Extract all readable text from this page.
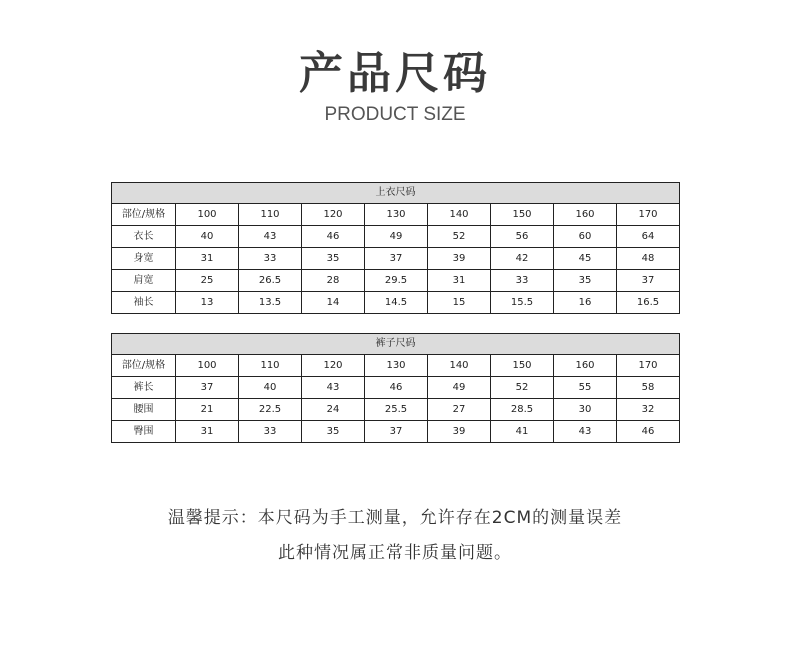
产品尺码
PRODUCT SIZE
上衣尺码								
部位/规格	100	110	120	130	140	150	160	170
衣长	40	43	46	49	52	56	60	64
身宽	31	33	35	37	39	42	45	48
肩宽	25	26.5	28	29.5	31	33	35	37
袖长	13	13.5	14	14.5	15	15.5	16	16.5
裤子尺码								
部位/规格	100	110	120	130	140	150	160	170
裤长	37	40	43	46	49	52	55	58
腰围	21	22.5	24	25.5	27	28.5	30	32
臀围	31	33	35	37	39	41	43	46
温馨提示：本尺码为手工测量，允许存在2CM的测量误差
此种情况属正常非质量问题。
